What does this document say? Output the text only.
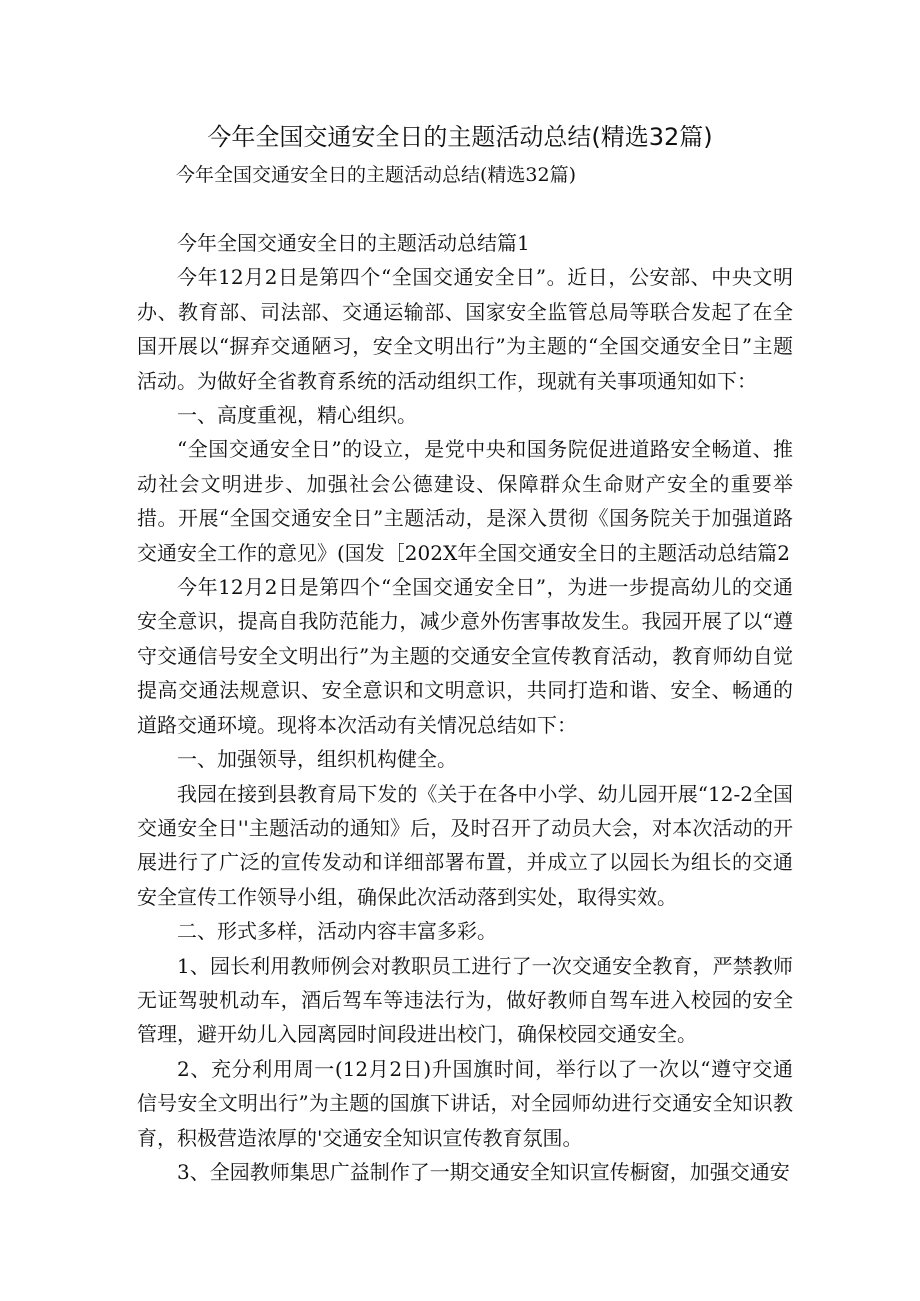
今年全国交通安全日的主题活动总结(精选32篇)
今年全国交通安全日的主题活动总结(精选32篇)

今年全国交通安全日的主题活动总结篇1

今年12月2日是第四个“全国交通安全日”。近日，公安部、中央文明办、教育部、司法部、交通运输部、国家安全监管总局等联合发起了在全国开展以“摒弃交通陋习，安全文明出行”为主题的“全国交通安全日”主题活动。为做好全省教育系统的活动组织工作，现就有关事项通知如下：

一、高度重视，精心组织。

“全国交通安全日”的设立，是党中央和国务院促进道路安全畅道、推动社会文明进步、加强社会公德建设、保障群众生命财产安全的重要举措。开展“全国交通安全日”主题活动，是深入贯彻《国务院关于加强道路交通安全工作的意见》(国发［202X年全国交通安全日的主题活动总结篇2

今年12月2日是第四个“全国交通安全日”，为进一步提高幼儿的交通安全意识，提高自我防范能力，减少意外伤害事故发生。我园开展了以“遵守交通信号安全文明出行”为主题的交通安全宣传教育活动，教育师幼自觉提高交通法规意识、安全意识和文明意识，共同打造和谐、安全、畅通的道路交通环境。现将本次活动有关情况总结如下：

一、加强领导，组织机构健全。

我园在接到县教育局下发的《关于在各中小学、幼儿园开展“12-2全国交通安全日''主题活动的通知》后，及时召开了动员大会，对本次活动的开展进行了广泛的宣传发动和详细部署布置，并成立了以园长为组长的交通安全宣传工作领导小组，确保此次活动落到实处，取得实效。

二、形式多样，活动内容丰富多彩。

1、园长利用教师例会对教职员工进行了一次交通安全教育，严禁教师无证驾驶机动车，酒后驾车等违法行为，做好教师自驾车进入校园的安全管理，避开幼儿入园离园时间段进出校门，确保校园交通安全。

2、充分利用周一(12月2日)升国旗时间，举行以了一次以“遵守交通信号安全文明出行”为主题的国旗下讲话，对全园师幼进行交通安全知识教育，积极营造浓厚的'交通安全知识宣传教育氛围。

3、全园教师集思广益制作了一期交通安全知识宣传橱窗，加强交通安
